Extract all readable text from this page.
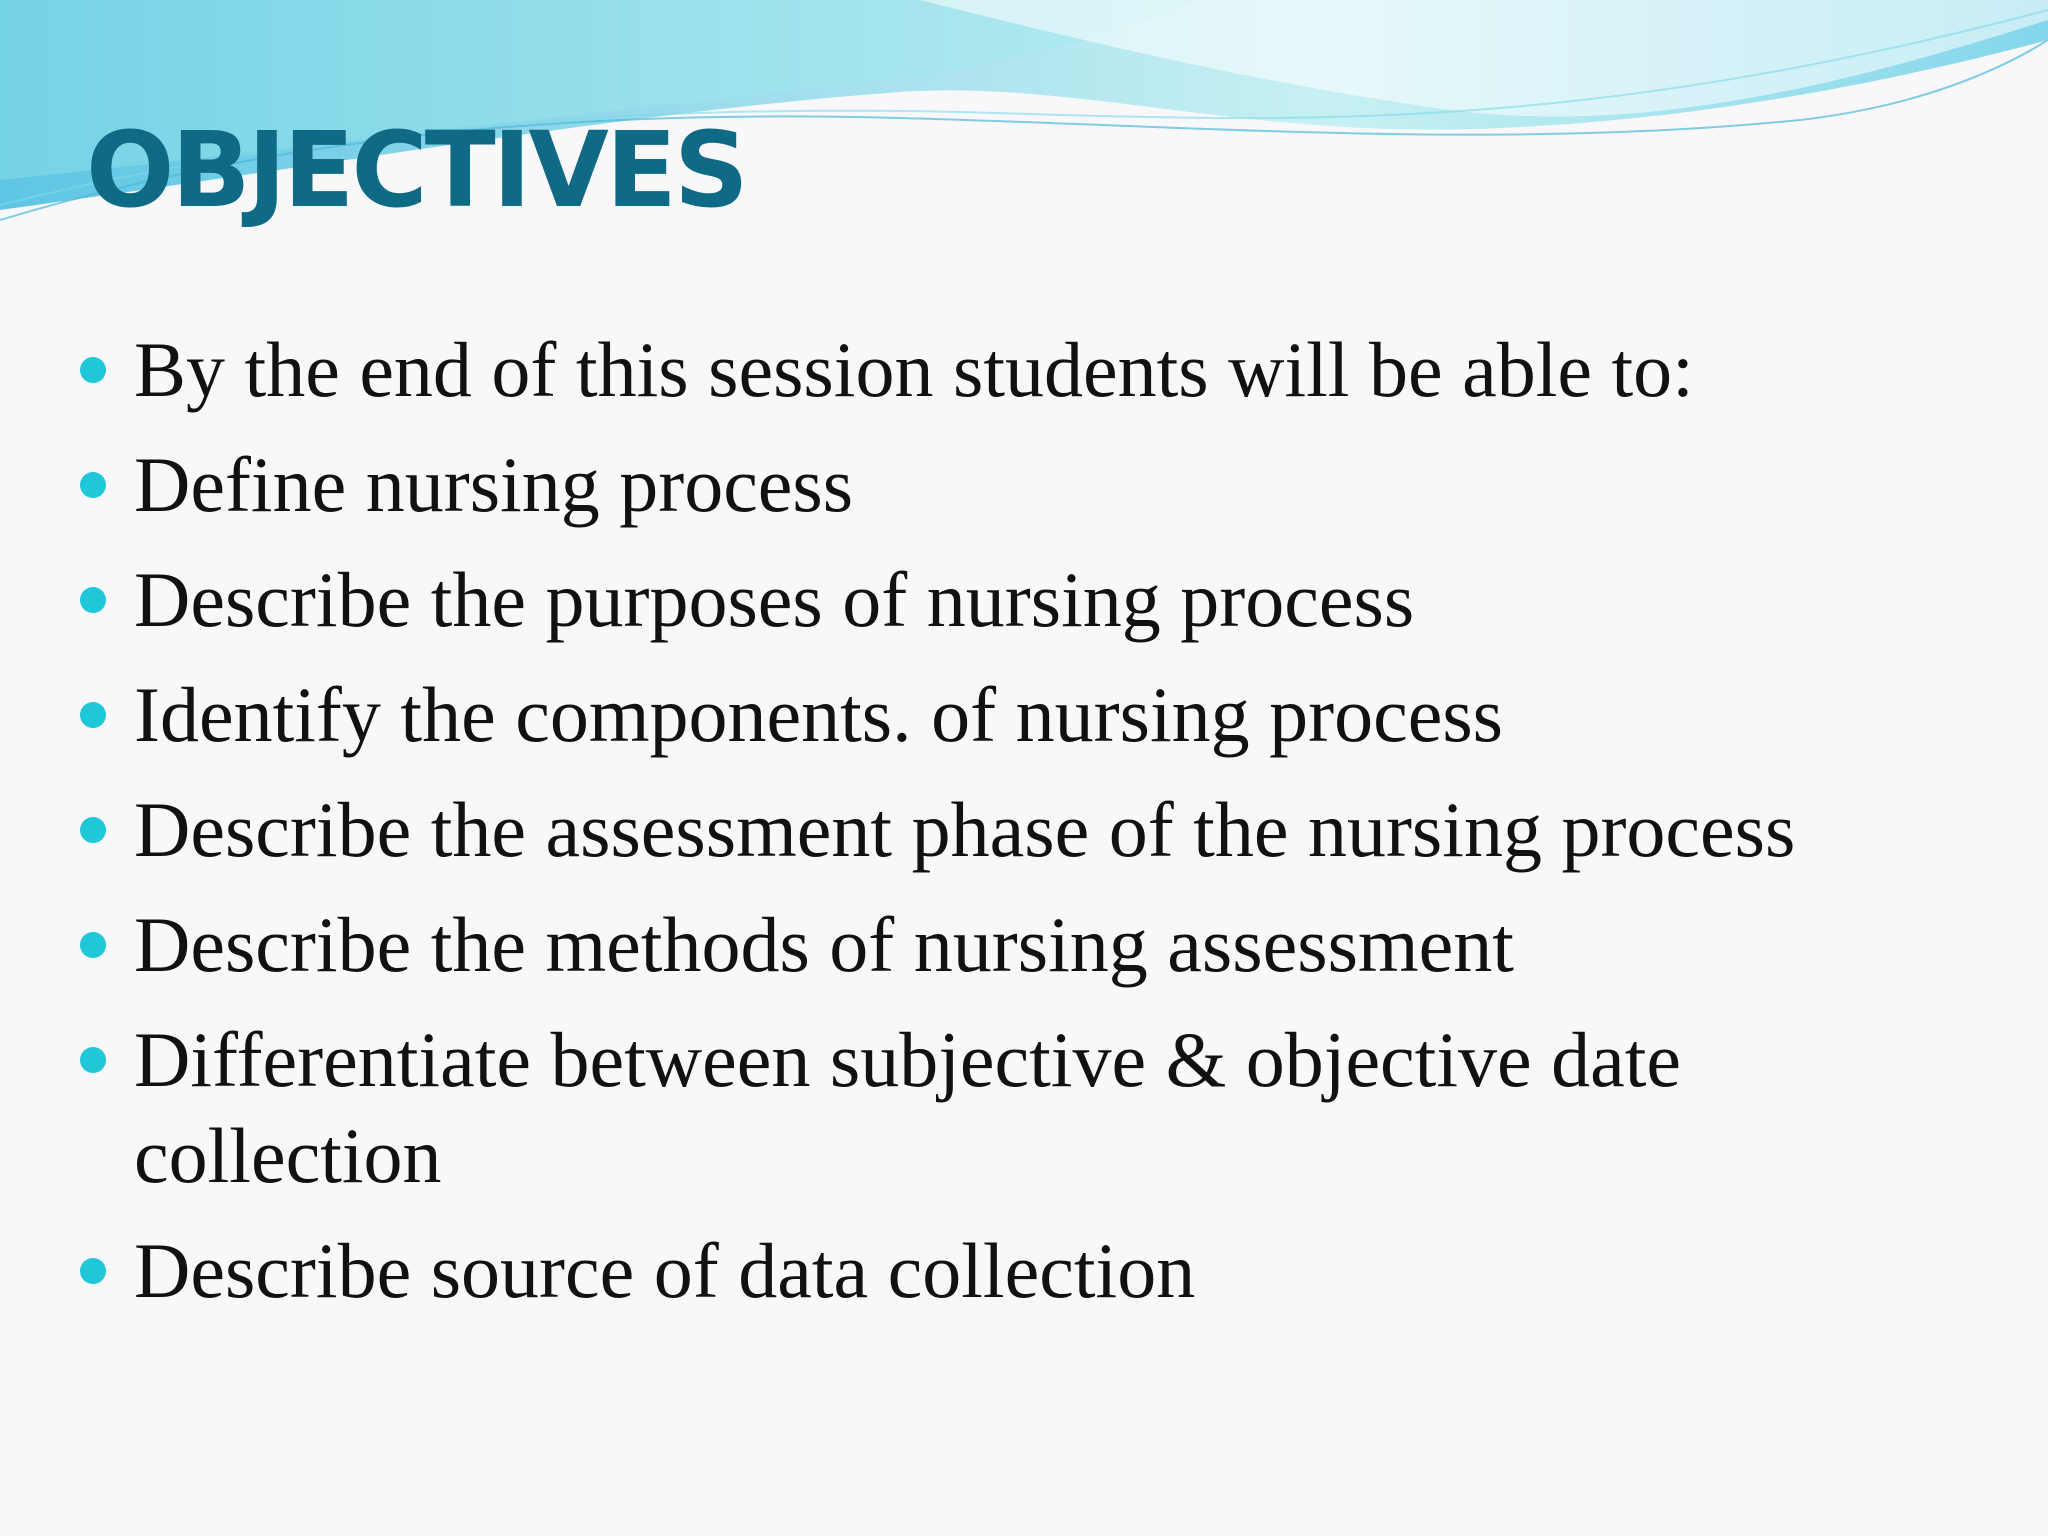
OBJECTIVES
By the end of this session students will be able to:
Define nursing process
Describe the purposes of nursing process
Identify the components. of nursing process
Describe the assessment phase of the nursing process
Describe the methods of nursing assessment
Differentiate between subjective & objective date collection
Describe source of data collection
